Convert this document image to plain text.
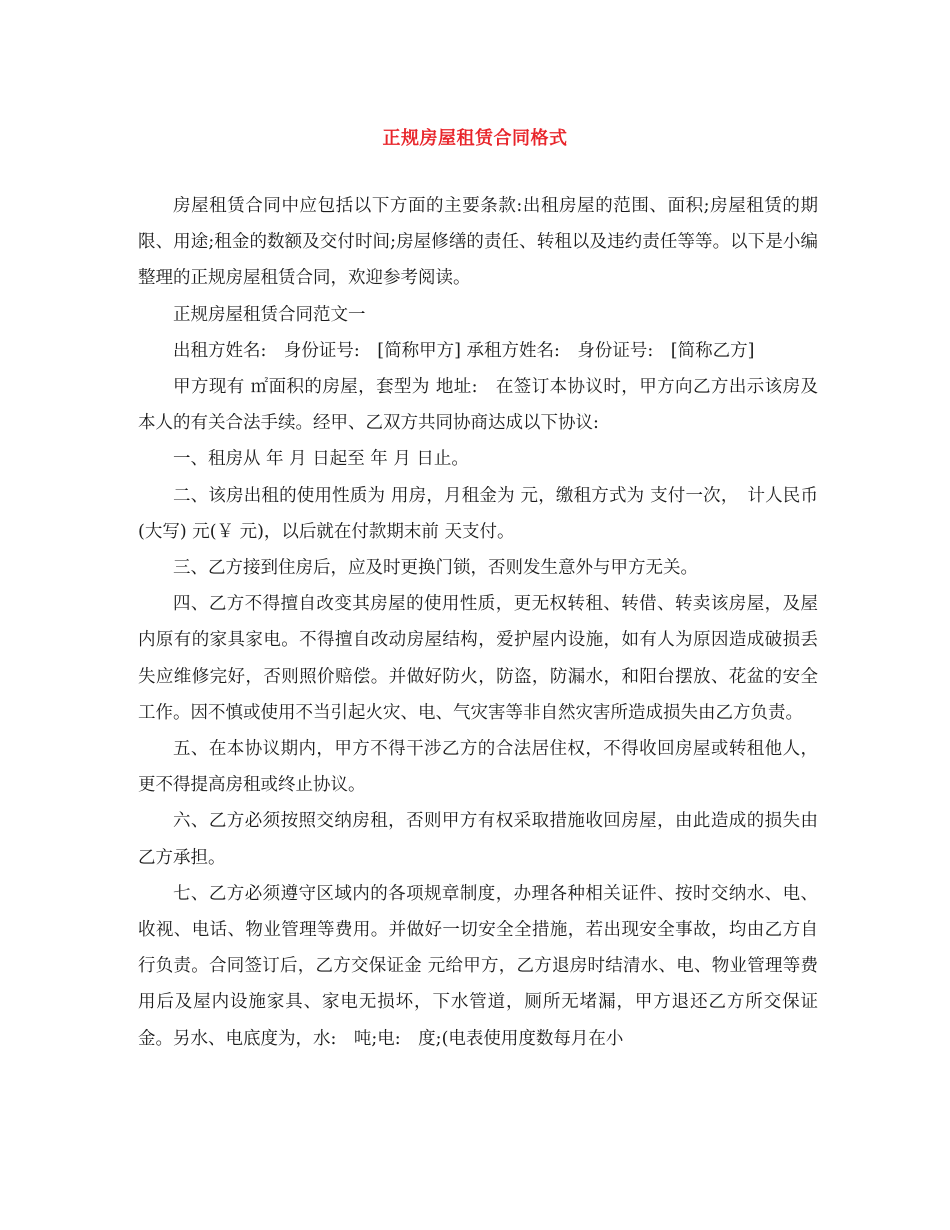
正规房屋租赁合同格式

房屋租赁合同中应包括以下方面的主要条款:出租房屋的范围、面积;房屋租赁的期限、用途;租金的数额及交付时间;房屋修缮的责任、转租以及违约责任等等。以下是小编整理的正规房屋租赁合同，欢迎参考阅读。

正规房屋租赁合同范文一

出租方姓名:　身份证号:　[简称甲方] 承租方姓名:　身份证号:　[简称乙方]

甲方现有 ㎡面积的房屋，套型为 地址:　在签订本协议时，甲方向乙方出示该房及本人的有关合法手续。经甲、乙双方共同协商达成以下协议:

一、租房从 年 月 日起至 年 月 日止。

二、该房出租的使用性质为 用房，月租金为 元，缴租方式为 支付一次，　计人民币(大写) 元(￥ 元)，以后就在付款期末前 天支付。

三、乙方接到住房后，应及时更换门锁，否则发生意外与甲方无关。

四、乙方不得擅自改变其房屋的使用性质，更无权转租、转借、转卖该房屋，及屋内原有的家具家电。不得擅自改动房屋结构，爱护屋内设施，如有人为原因造成破损丢失应维修完好，否则照价赔偿。并做好防火，防盗，防漏水，和阳台摆放、花盆的安全工作。因不慎或使用不当引起火灾、电、气灾害等非自然灾害所造成损失由乙方负责。

五、在本协议期内，甲方不得干涉乙方的合法居住权，不得收回房屋或转租他人，更不得提高房租或终止协议。

六、乙方必须按照交纳房租，否则甲方有权采取措施收回房屋，由此造成的损失由乙方承担。

七、乙方必须遵守区域内的各项规章制度，办理各种相关证件、按时交纳水、电、收视、电话、物业管理等费用。并做好一切安全全措施，若出现安全事故，均由乙方自行负责。合同签订后，乙方交保证金 元给甲方，乙方退房时结清水、电、物业管理等费用后及屋内设施家具、家电无损坏，下水管道，厕所无堵漏，甲方退还乙方所交保证金。另水、电底度为，水:　吨;电:　度;(电表使用度数每月在小
